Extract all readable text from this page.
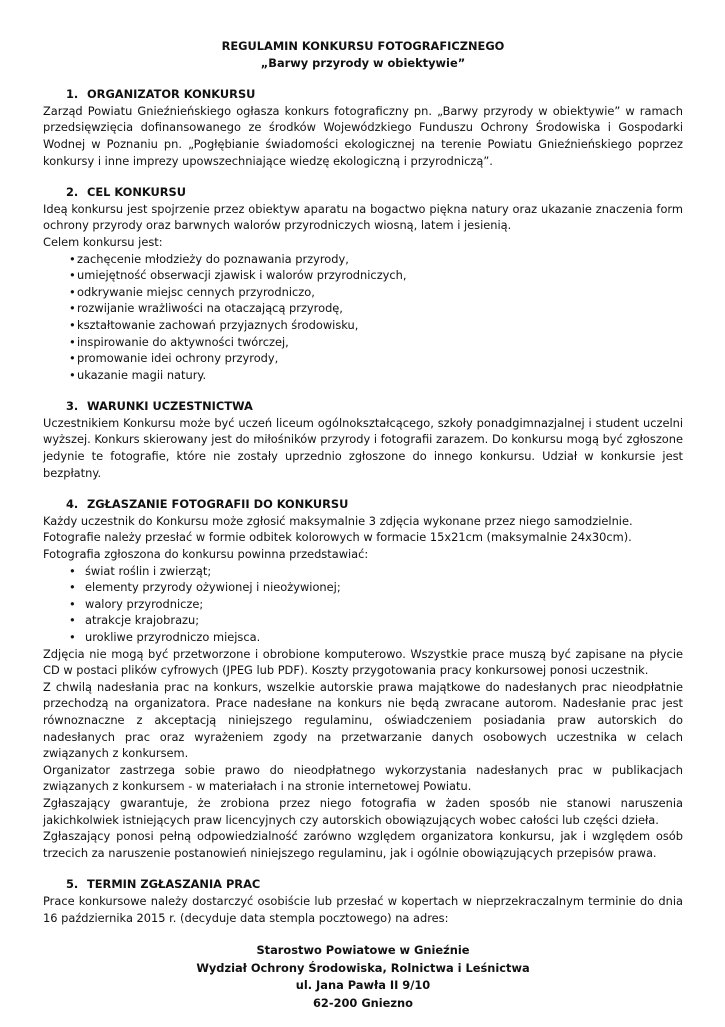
REGULAMIN KONKURSU FOTOGRAFICZNEGO
„Barwy przyrody w obiektywie”
1. ORGANIZATOR KONKURSU

Zarząd Powiatu Gnieźnieńskiego ogłasza konkurs fotograficzny pn. „Barwy przyrody w obiektywie” w ramach przedsięwzięcia dofinansowanego ze środków Wojewódzkiego Funduszu Ochrony Środowiska i Gospodarki Wodnej w Poznaniu pn. „Pogłębianie świadomości ekologicznej na terenie Powiatu Gnieźnieńskiego poprzez konkursy i inne imprezy upowszechniające wiedzę ekologiczną i przyrodniczą”.

2. CEL KONKURSU

Ideą konkursu jest spojrzenie przez obiektyw aparatu na bogactwo piękna natury oraz ukazanie znaczenia form ochrony przyrody oraz barwnych walorów przyrodniczych wiosną, latem i jesienią.

Celem konkursu jest:

• zachęcenie młodzieży do poznawania przyrody,
• umiejętność obserwacji zjawisk i walorów przyrodniczych,
• odkrywanie miejsc cennych przyrodniczo,
• rozwijanie wrażliwości na otaczającą przyrodę,
• kształtowanie zachowań przyjaznych środowisku,
• inspirowanie do aktywności twórczej,
• promowanie idei ochrony przyrody,
• ukazanie magii natury.
3. WARUNKI UCZESTNICTWA

Uczestnikiem Konkursu może być uczeń liceum ogólnokształcącego, szkoły ponadgimnazjalnej i student uczelni wyższej. Konkurs skierowany jest do miłośników przyrody i fotografii zarazem. Do konkursu mogą być zgłoszone jedynie te fotografie, które nie zostały uprzednio zgłoszone do innego konkursu. Udział w konkursie jest bezpłatny.

4. ZGŁASZANIE FOTOGRAFII DO KONKURSU

Każdy uczestnik do Konkursu może zgłosić maksymalnie 3 zdjęcia wykonane przez niego samodzielnie.

Fotografie należy przesłać w formie odbitek kolorowych w formacie 15x21cm (maksymalnie 24x30cm).

Fotografia zgłoszona do konkursu powinna przedstawiać:

• świat roślin i zwierząt;
• elementy przyrody ożywionej i nieożywionej;
• walory przyrodnicze;
• atrakcje krajobrazu;
• urokliwe przyrodniczo miejsca.

Zdjęcia nie mogą być przetworzone i obrobione komputerowo. Wszystkie prace muszą być zapisane na płycie CD w postaci plików cyfrowych (JPEG lub PDF). Koszty przygotowania pracy konkursowej ponosi uczestnik.

Z chwilą nadesłania prac na konkurs, wszelkie autorskie prawa majątkowe do nadesłanych prac nieodpłatnie przechodzą na organizatora. Prace nadesłane na konkurs nie będą zwracane autorom. Nadesłanie prac jest równoznaczne z akceptacją niniejszego regulaminu, oświadczeniem posiadania praw autorskich do nadesłanych prac oraz wyrażeniem zgody na przetwarzanie danych osobowych uczestnika w celach związanych z konkursem.

Organizator zastrzega sobie prawo do nieodpłatnego wykorzystania nadesłanych prac w publikacjach związanych z konkursem - w materiałach i na stronie internetowej Powiatu.

Zgłaszający gwarantuje, że zrobiona przez niego fotografia w żaden sposób nie stanowi naruszenia jakichkolwiek istniejących praw licencyjnych czy autorskich obowiązujących wobec całości lub części dzieła.

Zgłaszający ponosi pełną odpowiedzialność zarówno względem organizatora konkursu, jak i względem osób trzecich za naruszenie postanowień niniejszego regulaminu, jak i ogólnie obowiązujących przepisów prawa.

5. TERMIN ZGŁASZANIA PRAC

Prace konkursowe należy dostarczyć osobiście lub przesłać w kopertach w nieprzekraczalnym terminie do dnia 16 października 2015 r. (decyduje data stempla pocztowego) na adres:

Starostwo Powiatowe w Gnieźnie
Wydział Ochrony Środowiska, Rolnictwa i Leśnictwa
ul. Jana Pawła II 9/10
62-200 Gniezno
